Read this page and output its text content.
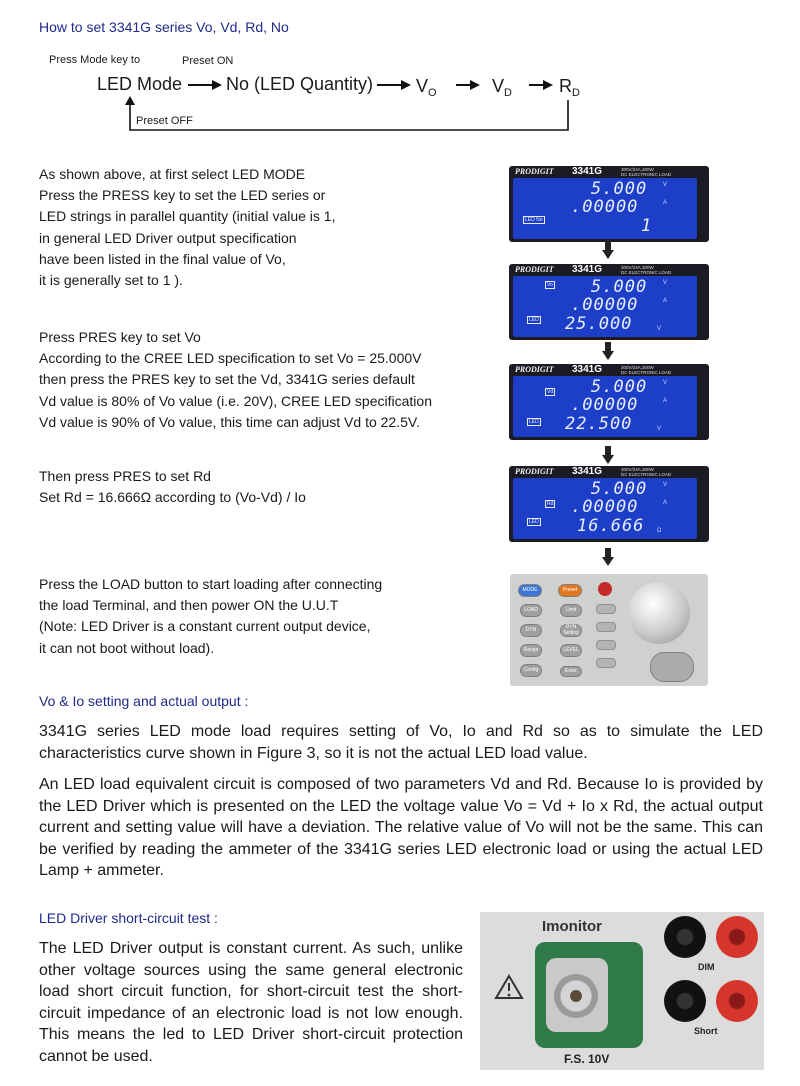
How to set 3341G series Vo, Vd, Rd, No
Press Mode key to	Preset ON
LED Mode No (LED Quantity) $V_O$	$V_D$	$R_D$
Preset OFF
As shown above, at first select LED MODE
Press the PRESS key to set the LED series or
LED strings in parallel quantity (initial value is 1,
in general LED Driver output specification
have been listed in the final value of Vo,
it is generally set to 1 ).
Press PRES key to set Vo
According to the CREE LED specification to set Vo = 25.000V
then press the PRES key to set the Vd, 3341G series default
Vd value is 80% of Vo value (i.e. 20V), CREE LED specification
Vd value is 90% of Vo value, this time can adjust Vd to 22.5V.
Then press PRES to set Rd
Set Rd = 16.666Ω according to (Vo-Vd) / Io
Press the LOAD button to start loading after connecting
the load Terminal, and then power ON the U.U.T
(Note: LED Driver is a constant current output device,
it can not boot without load).
PRODIGIT 3341G	300V/24A,300W
DC ELECTRONIC LOAD
5.000	V
.00000	A
LED No	1
PRODIGIT 3341G	300V/24A,300W
DC ELECTRONIC LOAD
Vo 5.000	V
.00000	A
LED 25.000	V
PRODIGIT 3341G	300V/24A,300W
DC ELECTRONIC LOAD
Vd 5.000	V
.00000	A
LED 22.500	V
PRODIGIT 3341G	300V/24A,300W
DC ELECTRONIC LOAD
Rd
5.000	V
.00000	A
LED 16.666 Ω
MODE	Preset
LOAD	Limit
DYN	DYN Setting
Range	LEVEL
Config	Enter
Vo & Io setting and actual output :
3341G series LED mode load requires setting of Vo, Io and Rd so as to simulate the LED characteristics curve shown in Figure 3, so it is not the actual LED load value.
An LED load equivalent circuit is composed of two parameters Vd and Rd. Because Io is provided by the LED Driver which is presented on the LED the voltage value Vo = Vd + Io x Rd, the actual output current and setting value will have a deviation. The relative value of Vo will not be the same. This can be verified by reading the ammeter of the 3341G series LED electronic load or using the actual LED Lamp + ammeter.
LED Driver short-circuit test :
The LED Driver output is constant current. As such, unlike other voltage sources using the same general electronic load short circuit function, for short-circuit test the short-circuit impedance of an electronic load is not low enough. This means the led to LED Driver short-circuit protection cannot be used.
Imonitor
F.S. 10V
DIM
Short
